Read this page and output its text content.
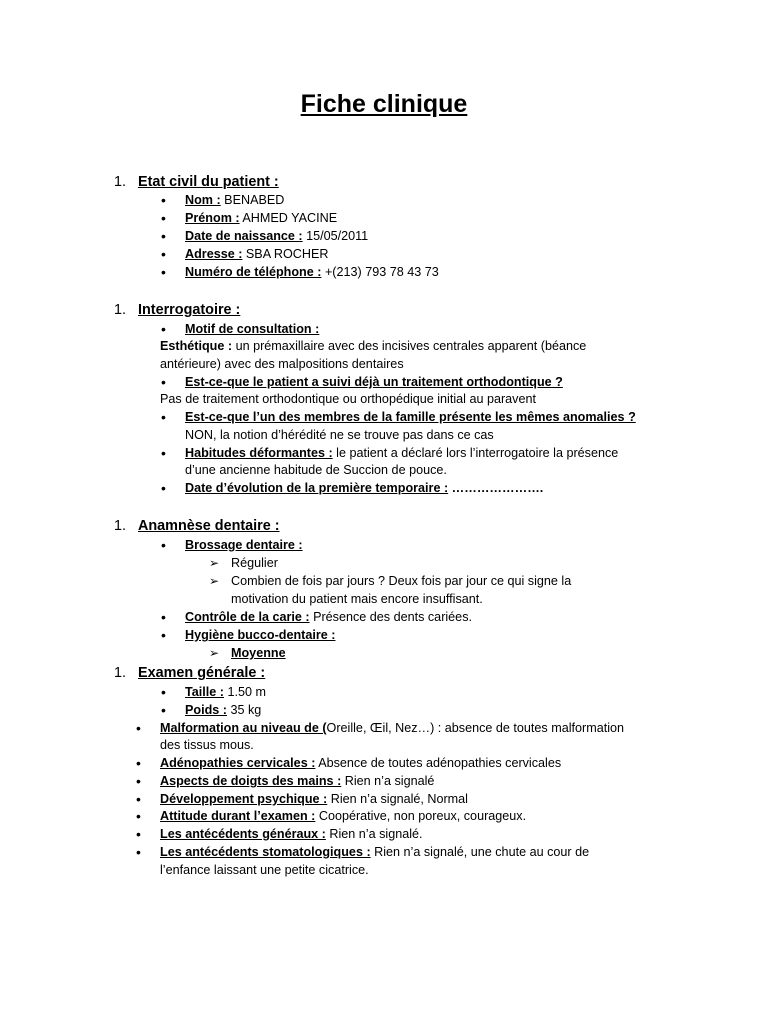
Fiche clinique
1. Etat civil du patient :
• Nom : BENABED
• Prénom : AHMED YACINE
• Date de naissance : 15/05/2011
• Adresse : SBA ROCHER
• Numéro de téléphone : +(213) 793 78 43 73
1. Interrogatoire :
• Motif de consultation :
Esthétique : un prémaxillaire avec des incisives centrales apparent (béance
antérieure) avec des malpositions dentaires
• Est-ce-que le patient a suivi déjà un traitement orthodontique ?
Pas de traitement orthodontique ou orthopédique initial au paravent
• Est-ce-que l’un des membres de la famille présente les mêmes anomalies ?
NON, la notion d’hérédité ne se trouve pas dans ce cas
• Habitudes déformantes : le patient a déclaré lors l’interrogatoire la présence
d’une ancienne habitude de Succion de pouce.
• Date d’évolution de la première temporaire : ………………….
1. Anamnèse dentaire :
• Brossage dentaire :
➢ Régulier
➢ Combien de fois par jours ? Deux fois par jour ce qui signe la
motivation du patient mais encore insuffisant.
• Contrôle de la carie : Présence des dents cariées.
• Hygiène bucco-dentaire :
➢ Moyenne
1. Examen générale :
• Taille : 1.50 m
• Poids : 35 kg
• Malformation au niveau de (Oreille, Œil, Nez…) : absence de toutes malformation
des tissus mous.
• Adénopathies cervicales : Absence de toutes adénopathies cervicales
• Aspects de doigts des mains : Rien n’a signalé
• Développement psychique : Rien n’a signalé, Normal
• Attitude durant l’examen : Coopérative, non poreux, courageux.
• Les antécédents généraux : Rien n’a signalé.
• Les antécédents stomatologiques : Rien n’a signalé, une chute au cour de
l’enfance laissant une petite cicatrice.
